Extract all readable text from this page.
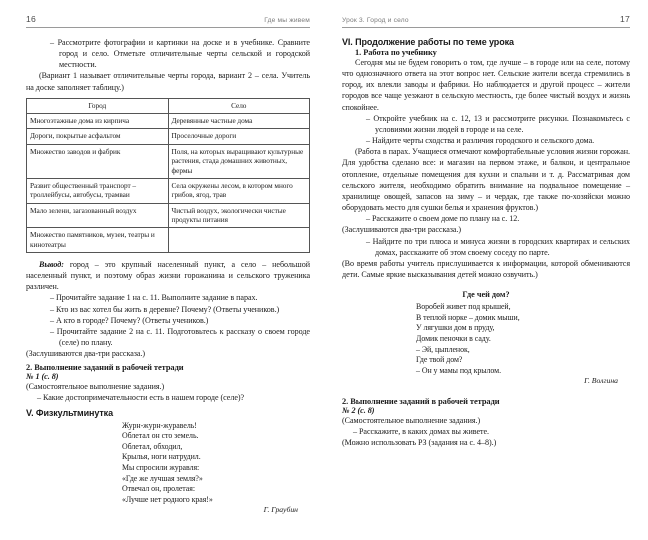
16	Где мы живем
– Рассмотрите фотографии и картинки на доске и в учебнике. Сравните город и село. Отметьте отличительные черты сельской и городской местности.

(Вариант 1 называет отличительные черты города, вариант 2 – села. Учитель на доске заполняет таблицу.)

Город	Село
Многоэтажные дома из кирпича	Деревянные частные дома
Дороги, покрытые асфальтом	Проселочные дороги
Множество заводов и фабрик	Поля, на которых выращивают культурные растения, стада домашних животных, фермы
Развит общественный транспорт – троллейбусы, автобусы, трамваи	Села окружены лесом, в котором много грибов, ягод, трав
Мало зелени, загазованный воздух	Чистый воздух, экологически чистые продукты питания
Множество памятников, музеи, театры и кинотеатры	

Вывод: город – это крупный населенный пункт, а село – небольшой населенный пункт, и поэтому образ жизни горожанина и сельского труженика различен.

– Прочитайте задание 1 на с. 11. Выполните задание в парах.
– Кто из вас хотел бы жить в деревне? Почему? (Ответы учеников.)
– А кто в городе? Почему? (Ответы учеников.)
– Прочитайте задание 2 на с. 11. Подготовьтесь к рассказу о своем городе (селе) по плану.

(Заслушиваются два-три рассказа.)

2. Выполнение заданий в рабочей тетради

№ 1 (с. 8)

(Самостоятельное выполнение задания.)

– Какие достопримечательности есть в нашем городе (селе)?
V. Физкультминутка
Журн-журн-журавель!
Облетал он сто земель.
Облетал, обходил,
Крылья, ноги натрудил.
Мы спросили журавля:
«Где же лучшая земля?»
Отвечал он, пролетая:
«Лучше нет родного края!»

Г. Граубин

Урок 3. Город и село	17
VI. Продолжение работы по теме урока
1. Работа по учебнику

Сегодня мы не будем говорить о том, где лучше – в городе или на селе, потому что однозначного ответа на этот вопрос нет. Сельские жители всегда стремились в город, их влекли заводы и фабрики. Но наблюдается и другой процесс – жители городов все чаще уезжают в сельскую местность, где более чистый воздух и жизнь спокойнее.

– Откройте учебник на с. 12, 13 и рассмотрите рисунки. Познакомьтесь с условиями жизни людей в городе и на селе.
– Найдите черты сходства и различия городского и сельского дома.

(Работа в парах. Учащиеся отмечают комфортабельные условия жизни горожан. Для удобства сделано все: и магазин на первом этаже, и балкон, и центральное отопление, отдельные помещения для кухни и спальни и т. д. Рассматривая дом сельского жителя, необходимо обратить внимание на подвальное помещение – хранилище овощей, запасов на зиму – и чердак, где также по-хозяйски можно оборудовать место для сушки белья и хранения фруктов.)

– Расскажите о своем доме по плану на с. 12.

(Заслушиваются два-три рассказа.)

– Найдите по три плюса и минуса жизни в городских квартирах и сельских домах, расскажите об этом своему соседу по парте.

(Во время работы учитель прислушивается к информации, которой обмениваются дети. Самые яркие высказывания детей можно озвучить.)

Где чей дом?
Воробей живет под крышей,
В теплой норке – домик мыши,
У лягушки дом в пруду,
Домик пеночки в саду.
– Эй, цыпленок,
Где твой дом?
– Он у мамы под крылом.

Г. Волгина

2. Выполнение заданий в рабочей тетради

№ 2 (с. 8)

(Самостоятельное выполнение задания.)

– Расскажите, в каких домах вы живете.

(Можно использовать РЗ (задания на с. 4–8).)
